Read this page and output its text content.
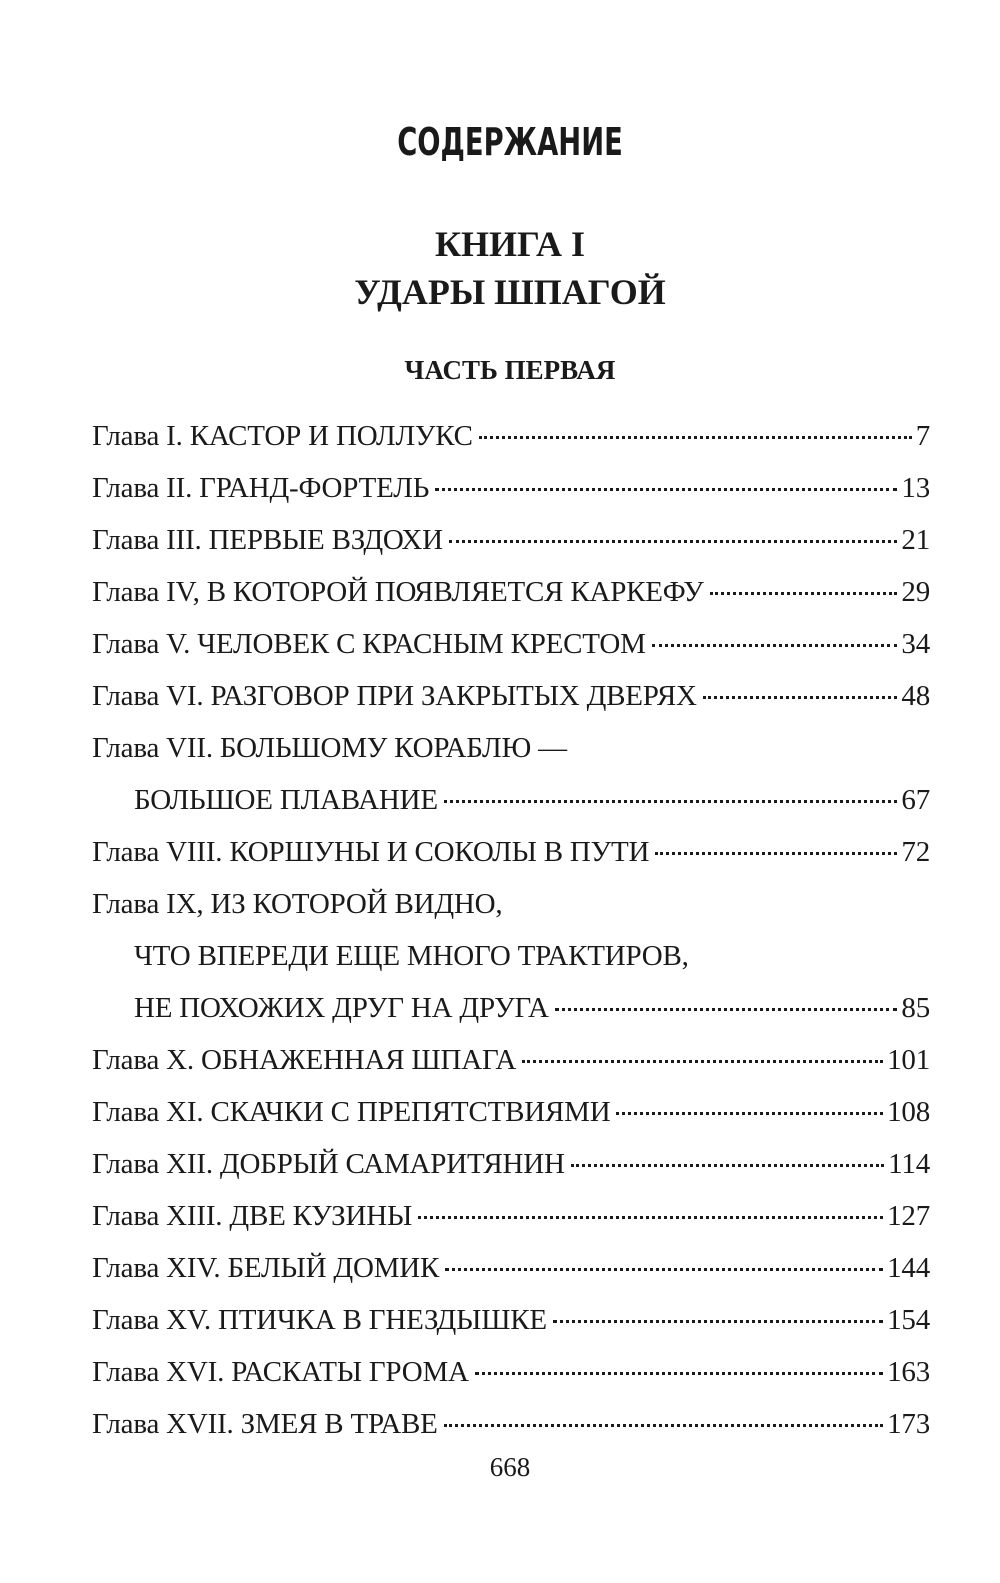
СОДЕРЖАНИЕ
КНИГА I
УДАРЫ ШПАГОЙ
ЧАСТЬ ПЕРВАЯ
Глава I. КАСТОР И ПОЛЛУКС	7
Глава II. ГРАНД-ФОРТЕЛЬ	13
Глава III. ПЕРВЫЕ ВЗДОХИ	21
Глава IV, В КОТОРОЙ ПОЯВЛЯЕТСЯ КАРКЕФУ	29
Глава V. ЧЕЛОВЕК С КРАСНЫМ КРЕСТОМ	34
Глава VI. РАЗГОВОР ПРИ ЗАКРЫТЫХ ДВЕРЯХ	48
Глава VII. БОЛЬШОМУ КОРАБЛЮ —
БОЛЬШОЕ ПЛАВАНИЕ	67
Глава VIII. КОРШУНЫ И СОКОЛЫ В ПУТИ	72
Глава IX, ИЗ КОТОРОЙ ВИДНО,
ЧТО ВПЕРЕДИ ЕЩЕ МНОГО ТРАКТИРОВ,
НЕ ПОХОЖИХ ДРУГ НА ДРУГА	85
Глава X. ОБНАЖЕННАЯ ШПАГА	101
Глава XI. СКАЧКИ С ПРЕПЯТСТВИЯМИ	108
Глава XII. ДОБРЫЙ САМАРИТЯНИН	114
Глава XIII. ДВЕ КУЗИНЫ	127
Глава XIV. БЕЛЫЙ ДОМИК	144
Глава XV. ПТИЧКА В ГНЕЗДЫШКЕ	154
Глава XVI. РАСКАТЫ ГРОМА	163
Глава XVII. ЗМЕЯ В ТРАВЕ	173
668
